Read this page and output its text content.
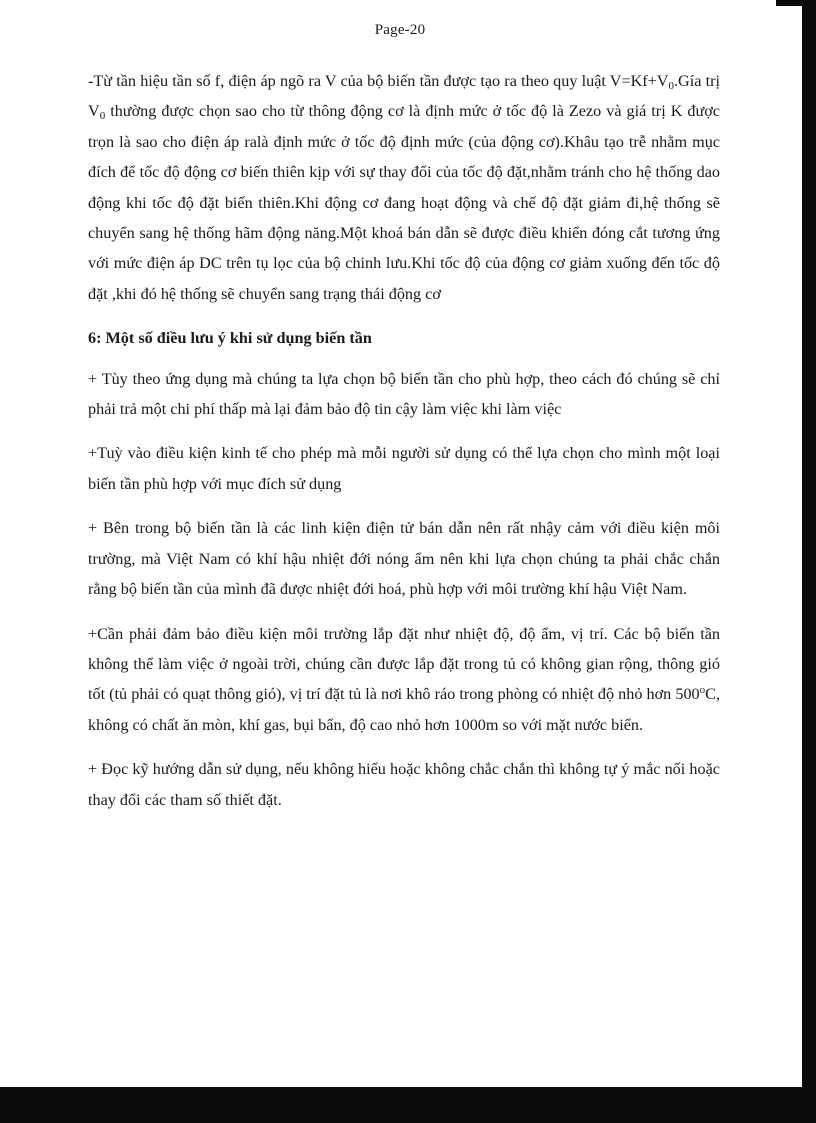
Page-20

-Từ tần hiệu tần số f, điện áp ngõ ra V của bộ biến tần được tạo ra theo quy luật $V=Kf+V_0.Gía$ trị $V_0$ thường được chọn sao cho từ thông động cơ là định mức ở tốc độ là Zezo và giá trị K được trọn là sao cho điện áp ralà định mức ở tốc độ định mức (của động cơ).Khâu tạo trễ nhằm mục đích để tốc độ động cơ biến thiên kịp với sự thay đổi của tốc độ đặt,nhằm tránh cho hệ thống dao động khi tốc độ đặt biến thiên.Khi động cơ đang hoạt động và chế độ đặt giảm đi,hệ thống sẽ chuyển sang hệ thống hãm động năng.Một khoá bán dẫn sẽ được điều khiển đóng cắt tương ứng với mức điện áp DC trên tụ lọc của bộ chinh lưu.Khi tốc độ của động cơ giảm xuống đến tốc độ đặt ,khi đó hệ thống sẽ chuyển sang trạng thái động cơ

6: Một số điều lưu ý khi sử dụng biến tần

+ Tùy theo ứng dụng mà chúng ta lựa chọn bộ biến tần cho phù hợp, theo cách đó chúng sẽ chỉ phải trả một chi phí thấp mà lại đảm bảo độ tin cậy làm việc khi làm việc

+Tuỳ vào điều kiện kinh tế cho phép mà mỗi người sử dụng có thể lựa chọn cho mình một loại biến tần phù hợp với mục đích sử dụng

+ Bên trong bộ biến tần là các linh kiện điện tử bán dẫn nên rất nhậy cảm với điều kiện môi trường, mà Việt Nam có khí hậu nhiệt đới nóng ẩm nên khi lựa chọn chúng ta phải chắc chắn rằng bộ biến tần của mình đã được nhiệt đới hoá, phù hợp với môi trường khí hậu Việt Nam.

+Cần phải đảm bảo điều kiện môi trường lắp đặt như nhiệt độ, độ ẩm, vị trí. Các bộ biến tần không thể làm việc ở ngoài trời, chúng cần được lắp đặt trong tủ có không gian rộng, thông gió tốt (tủ phải có quạt thông gió), vị trí đặt tủ là nơi khô ráo trong phòng có nhiệt độ nhỏ hơn 500$^o$C, không có chất ăn mòn, khí gas, bụi bẩn, độ cao nhỏ hơn 1000m so với mặt nước biển.

+ Đọc kỹ hướng dẫn sử dụng, nếu không hiểu hoặc không chắc chắn thì không tự ý mắc nối hoặc thay đổi các tham số thiết đặt.
